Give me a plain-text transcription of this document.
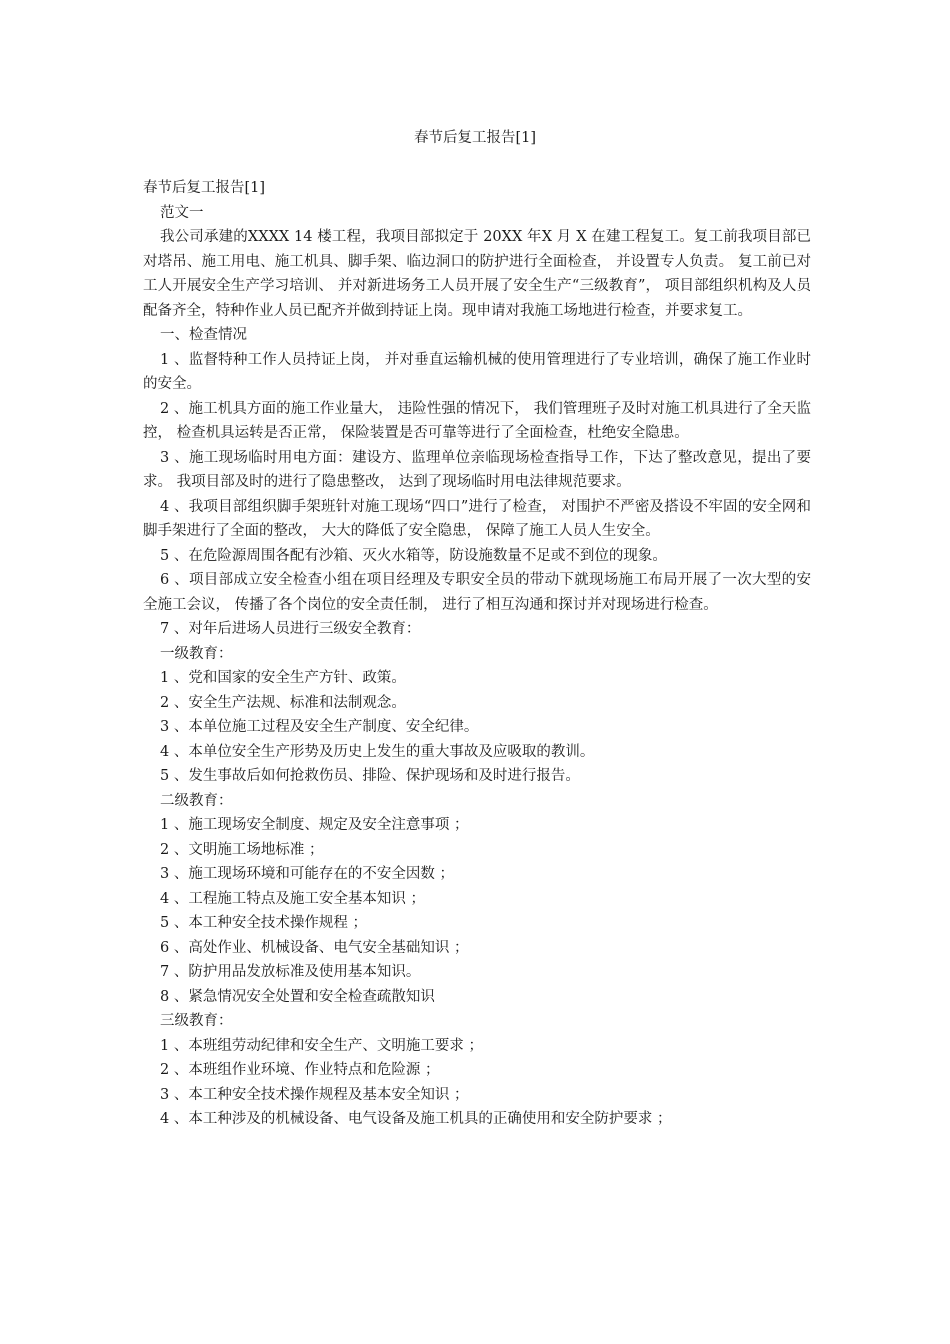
春节后复工报告[1]

春节后复工报告[1]

范文一

我公司承建的XXXX 14 楼工程，我项目部拟定于 20XX 年X 月 X 在建工程复工。复工前我项目部已对塔吊、施工用电、施工机具、脚手架、临边洞口的防护进行全面检查， 并设置专人负责。 复工前已对工人开展安全生产学习培训、 并对新进场务工人员开展了安全生产“三级教育”， 项目部组织机构及人员配备齐全，特种作业人员已配齐并做到持证上岗。现申请对我施工场地进行检查，并要求复工。

一、检查情况

1 、监督特种工作人员持证上岗， 并对垂直运输机械的使用管理进行了专业培训，确保了施工作业时的安全。

2 、施工机具方面的施工作业量大， 违险性强的情况下， 我们管理班子及时对施工机具进行了全天监控， 检查机具运转是否正常， 保险装置是否可靠等进行了全面检查，杜绝安全隐患。

3 、施工现场临时用电方面：建设方、监理单位亲临现场检查指导工作，下达了整改意见，提出了要求。 我项目部及时的进行了隐患整改， 达到了现场临时用电法律规范要求。

4 、我项目部组织脚手架班针对施工现场“四口”进行了检查， 对围护不严密及搭设不牢固的安全网和脚手架进行了全面的整改， 大大的降低了安全隐患， 保障了施工人员人生安全。

5 、在危险源周围各配有沙箱、灭火水箱等，防设施数量不足或不到位的现象。

6 、项目部成立安全检查小组在项目经理及专职安全员的带动下就现场施工布局开展了一次大型的安全施工会议， 传播了各个岗位的安全责任制， 进行了相互沟通和探讨并对现场进行检查。

7 、对年后进场人员进行三级安全教育：

一级教育：

1 、党和国家的安全生产方针、政策。

2 、安全生产法规、标准和法制观念。

3 、本单位施工过程及安全生产制度、安全纪律。

4 、本单位安全生产形势及历史上发生的重大事故及应吸取的教训。

5 、发生事故后如何抢救伤员、排险、保护现场和及时进行报告。

二级教育：

1 、施工现场安全制度、规定及安全注意事项 ；

2 、文明施工场地标准 ；

3 、施工现场环境和可能存在的不安全因数 ；

4 、工程施工特点及施工安全基本知识 ；

5 、本工种安全技术操作规程 ；

6 、高处作业、机械设备、电气安全基础知识 ；

7 、防护用品发放标准及使用基本知识。

8 、紧急情况安全处置和安全检查疏散知识

三级教育：

1 、本班组劳动纪律和安全生产、文明施工要求 ；

2 、本班组作业环境、作业特点和危险源 ；

3 、本工种安全技术操作规程及基本安全知识 ；

4 、本工种涉及的机械设备、电气设备及施工机具的正确使用和安全防护要求 ；
